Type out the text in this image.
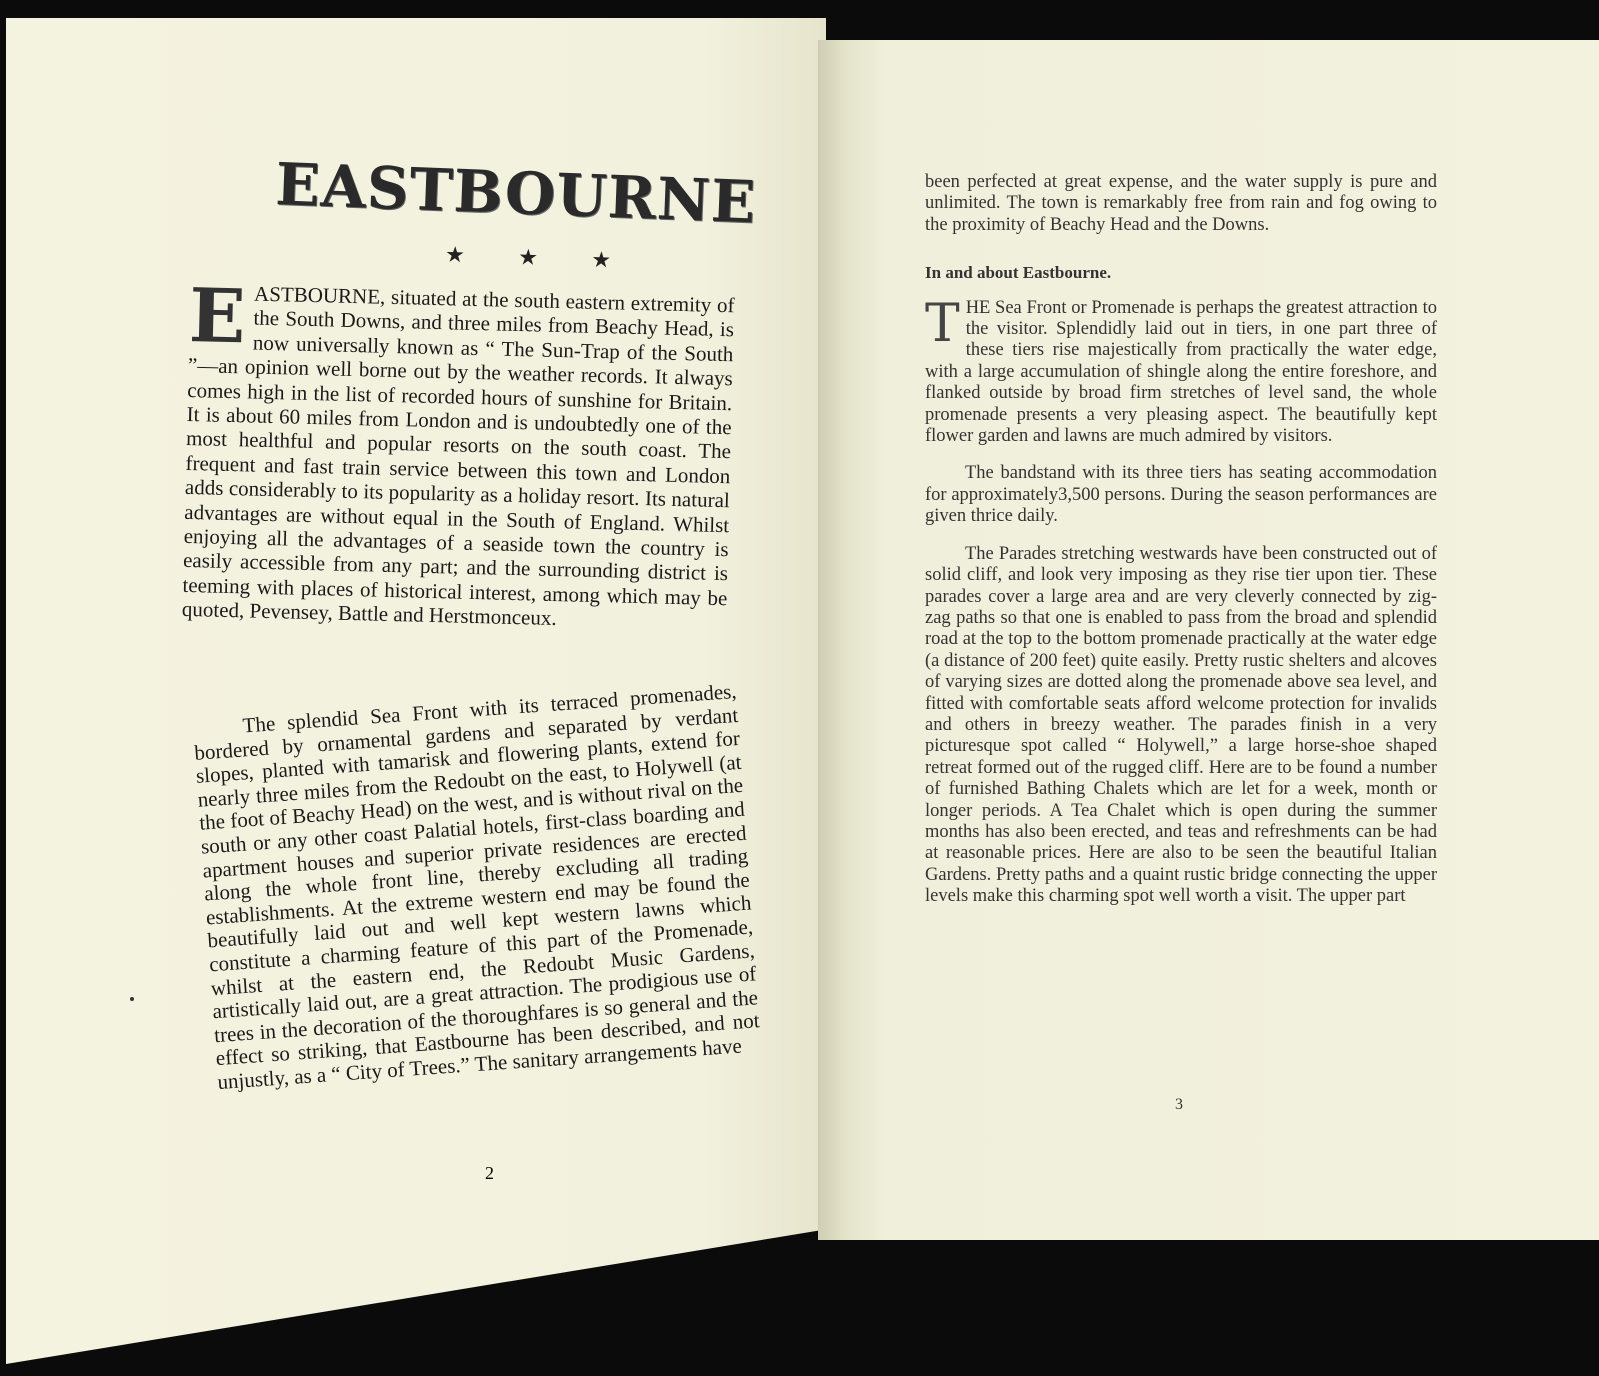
EASTBOURNE
★ ★ ★

EASTBOURNE, situated at the south eastern extremity of the South Downs, and three miles from Beachy Head, is now universally known as “ The Sun-Trap of the South ”—an opinion well borne out by the weather records. It always comes high in the list of recorded hours of sunshine for Britain. It is about 60 miles from London and is undoubtedly one of the most healthful and popular resorts on the south coast. The frequent and fast train service between this town and London adds considerably to its popularity as a holiday resort. Its natural advantages are without equal in the South of England. Whilst enjoying all the advantages of a seaside town the country is easily accessible from any part; and the surrounding district is teeming with places of historical interest, among which may be quoted, Pevensey, Battle and Herstmonceux.

The splendid Sea Front with its terraced promenades, bordered by ornamental gardens and separated by verdant slopes, planted with tamarisk and flowering plants, extend for nearly three miles from the Redoubt on the east, to Holywell (at the foot of Beachy Head) on the west, and is without rival on the south or any other coast Palatial hotels, first-class boarding and apartment houses and superior private residences are erected along the whole front line, thereby excluding all trading establishments. At the extreme western end may be found the beautifully laid out and well kept western lawns which constitute a charming feature of this part of the Promenade, whilst at the eastern end, the Redoubt Music Gardens, artistically laid out, are a great attraction. The prodigious use of trees in the decoration of the thoroughfares is so general and the effect so striking, that Eastbourne has been described, and not unjustly, as a “ City of Trees.” The sanitary arrangements have

2

been perfected at great expense, and the water supply is pure and unlimited. The town is remarkably free from rain and fog owing to the proximity of Beachy Head and the Downs.

In and about Eastbourne.

THE Sea Front or Promenade is perhaps the greatest attraction to the visitor. Splendidly laid out in tiers, in one part three of these tiers rise majestically from practically the water edge, with a large accumulation of shingle along the entire foreshore, and flanked outside by broad firm stretches of level sand, the whole promenade presents a very pleasing aspect. The beautifully kept flower garden and lawns are much admired by visitors.

The bandstand with its three tiers has seating accommodation for approximately3,500 persons. During the season performances are given thrice daily.

The Parades stretching westwards have been constructed out of solid cliff, and look very imposing as they rise tier upon tier. These parades cover a large area and are very cleverly connected by zig-zag paths so that one is enabled to pass from the broad and splendid road at the top to the bottom promenade practically at the water edge (a distance of 200 feet) quite easily. Pretty rustic shelters and alcoves of varying sizes are dotted along the promenade above sea level, and fitted with comfortable seats afford welcome protection for invalids and others in breezy weather. The parades finish in a very picturesque spot called “ Holywell,” a large horse-shoe shaped retreat formed out of the rugged cliff. Here are to be found a number of furnished Bathing Chalets which are let for a week, month or longer periods. A Tea Chalet which is open during the summer months has also been erected, and teas and refreshments can be had at reasonable prices. Here are also to be seen the beautiful Italian Gardens. Pretty paths and a quaint rustic bridge connecting the upper levels make this charming spot well worth a visit. The upper part

3
